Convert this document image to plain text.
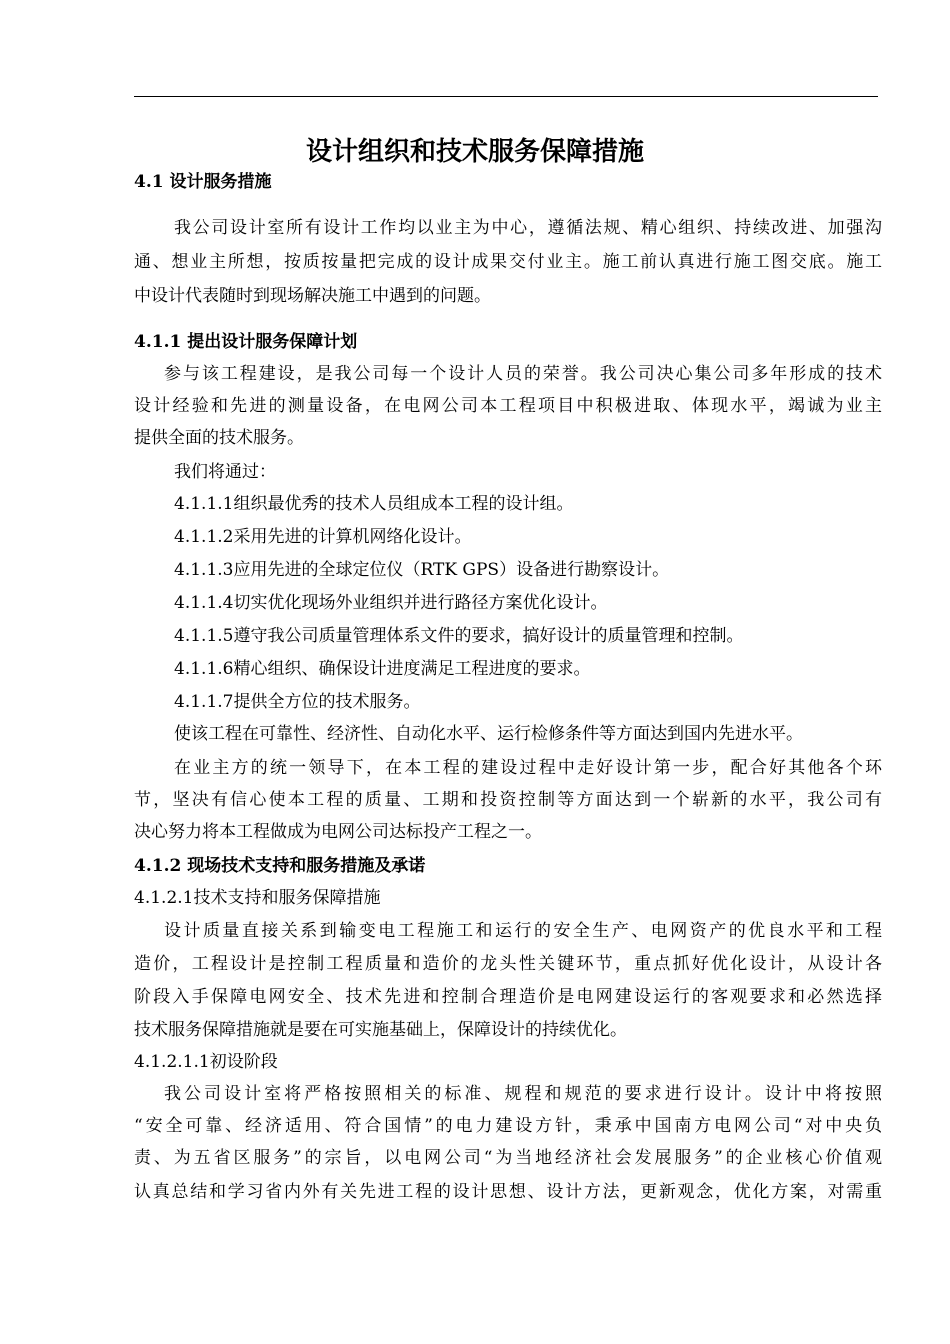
设计组织和技术服务保障措施
4.1 设计服务措施
我公司设计室所有设计工作均以业主为中心，遵循法规、精心组织、持续改进、加强沟
通、想业主所想，按质按量把完成的设计成果交付业主。施工前认真进行施工图交底。施工
中设计代表随时到现场解决施工中遇到的问题。
4.1.1 提出设计服务保障计划
参与该工程建设，是我公司每一个设计人员的荣誉。我公司决心集公司多年形成的技术
设计经验和先进的测量设备，在电网公司本工程项目中积极进取、体现水平，竭诚为业主
提供全面的技术服务。
我们将通过：
4.1.1.1组织最优秀的技术人员组成本工程的设计组。
4.1.1.2采用先进的计算机网络化设计。
4.1.1.3应用先进的全球定位仪（RTK GPS）设备进行勘察设计。
4.1.1.4切实优化现场外业组织并进行路径方案优化设计。
4.1.1.5遵守我公司质量管理体系文件的要求，搞好设计的质量管理和控制。
4.1.1.6精心组织、确保设计进度满足工程进度的要求。
4.1.1.7提供全方位的技术服务。
使该工程在可靠性、经济性、自动化水平、运行检修条件等方面达到国内先进水平。
在业主方的统一领导下，在本工程的建设过程中走好设计第一步，配合好其他各个环
节，坚决有信心使本工程的质量、工期和投资控制等方面达到一个崭新的水平，我公司有
决心努力将本工程做成为电网公司达标投产工程之一。
4.1.2 现场技术支持和服务措施及承诺
4.1.2.1技术支持和服务保障措施
设计质量直接关系到输变电工程施工和运行的安全生产、电网资产的优良水平和工程
造价，工程设计是控制工程质量和造价的龙头性关键环节，重点抓好优化设计，从设计各
阶段入手保障电网安全、技术先进和控制合理造价是电网建设运行的客观要求和必然选择
技术服务保障措施就是要在可实施基础上，保障设计的持续优化。
4.1.2.1.1初设阶段
我公司设计室将严格按照相关的标准、规程和规范的要求进行设计。设计中将按照
“安全可靠、经济适用、符合国情”的电力建设方针，秉承中国南方电网公司“对中央负
责、为五省区服务”的宗旨，以电网公司“为当地经济社会发展服务”的企业核心价值观
认真总结和学习省内外有关先进工程的设计思想、设计方法，更新观念，优化方案，对需重
